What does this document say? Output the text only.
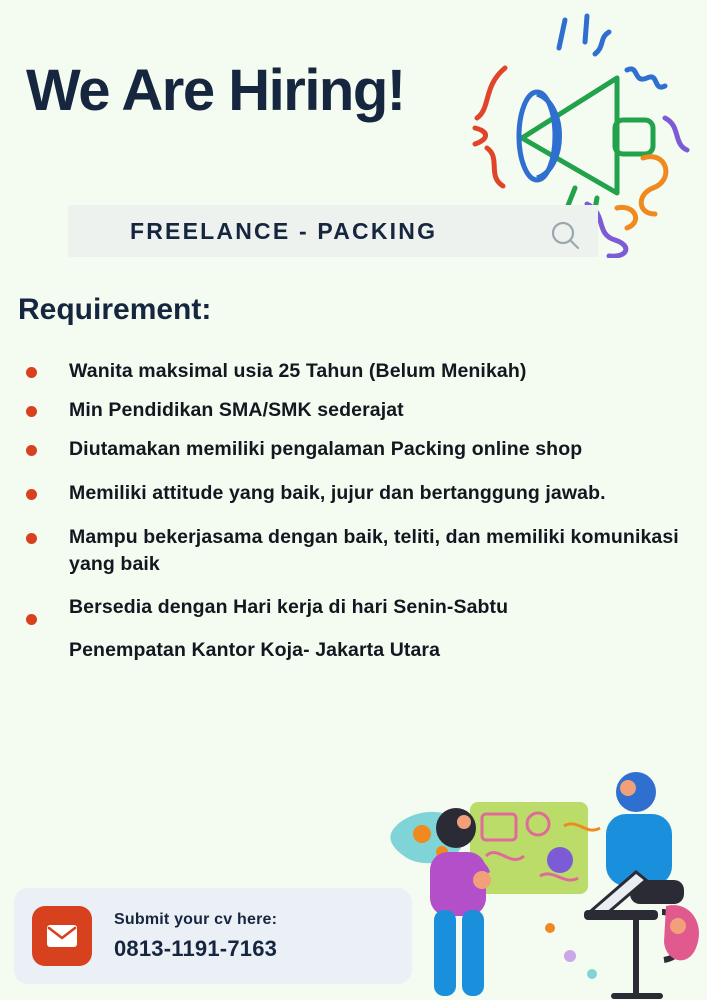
We Are Hiring!
FREELANCE - PACKING
Requirement:
Wanita maksimal usia 25 Tahun (Belum Menikah)
Min Pendidikan SMA/SMK sederajat
Diutamakan memiliki pengalaman Packing online shop
Memiliki attitude yang baik, jujur dan bertanggung jawab.
Mampu bekerjasama dengan baik, teliti, dan memiliki komunikasi yang baik
Bersedia dengan Hari kerja di hari Senin-Sabtu
Penempatan Kantor Koja- Jakarta Utara
Submit your cv here:
0813-1191-7163
